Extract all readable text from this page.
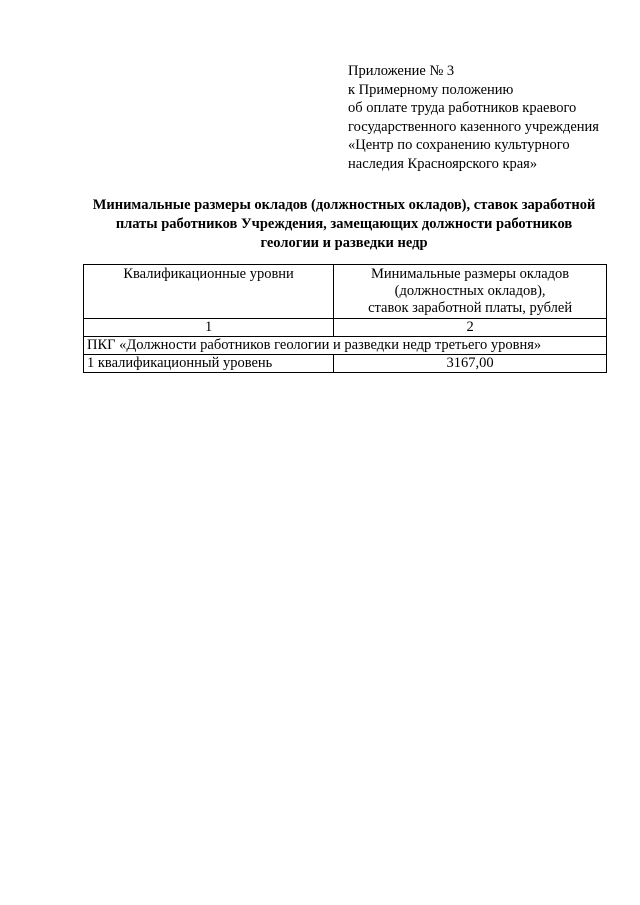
Приложение № 3
к Примерному положению
об оплате труда работников краевого
государственного казенного учреждения
«Центр по сохранению культурного
наследия Красноярского края»
Минимальные размеры окладов (должностных окладов), ставок заработной
платы работников Учреждения, замещающих должности работников
геологии и разведки недр
Квалификационные уровни	Минимальные размеры окладов
(должностных окладов),
ставок заработной платы, рублей

1	2
ПКГ «Должности работников геологии и разведки недр третьего уровня»	
1 квалификационный уровень	3167,00
